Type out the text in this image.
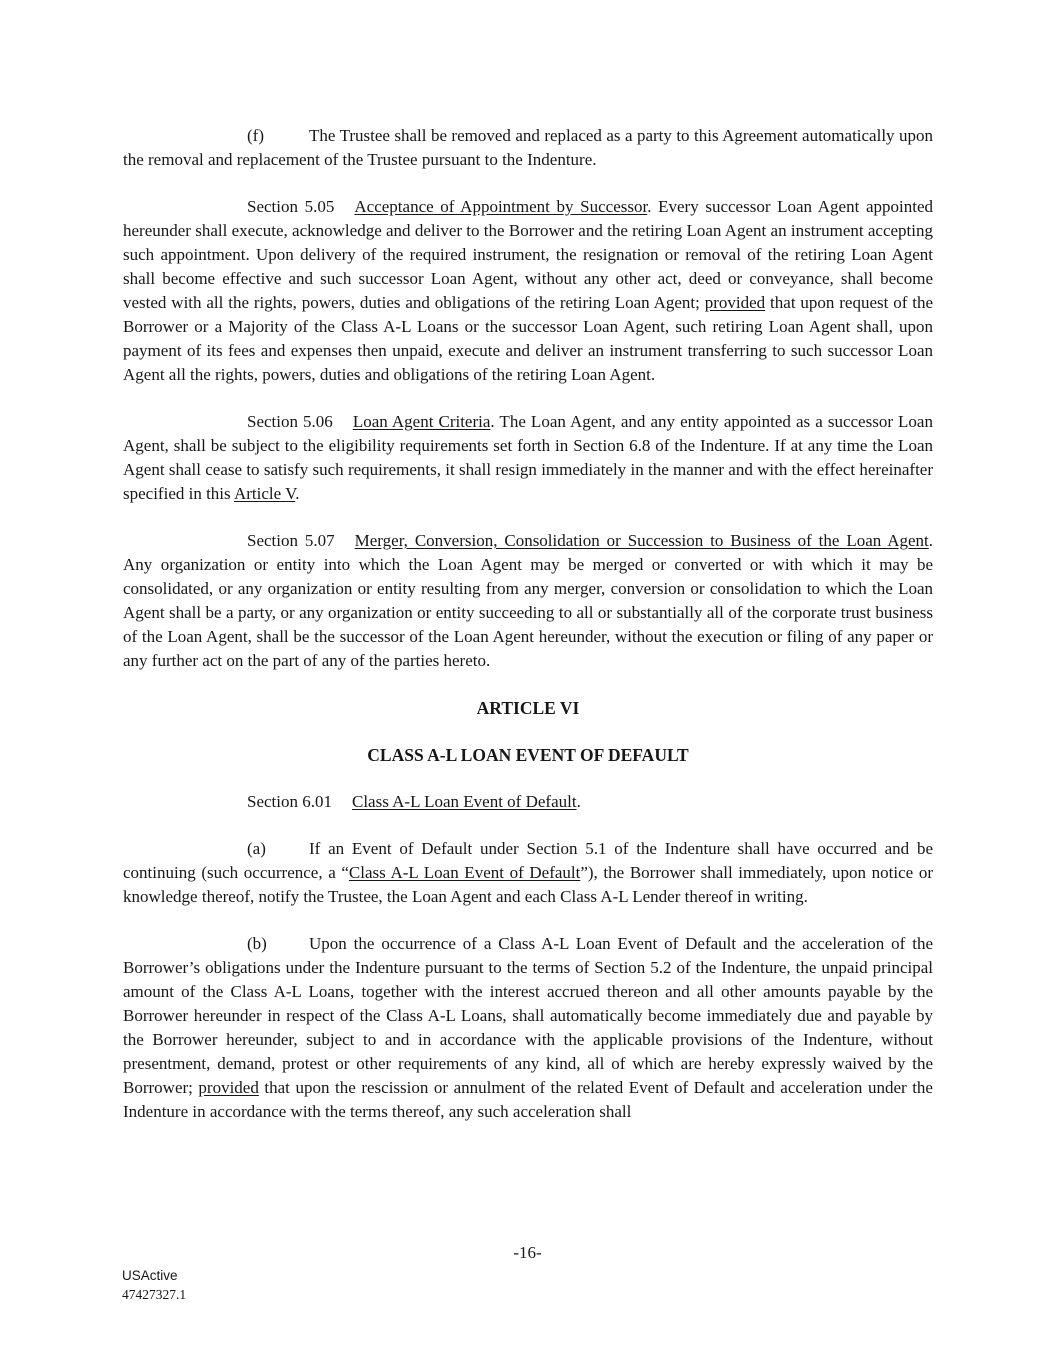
(f)	The Trustee shall be removed and replaced as a party to this Agreement automatically upon the removal and replacement of the Trustee pursuant to the Indenture.

Section 5.05 Acceptance of Appointment by Successor. Every successor Loan Agent appointed hereunder shall execute, acknowledge and deliver to the Borrower and the retiring Loan Agent an instrument accepting such appointment. Upon delivery of the required instrument, the resignation or removal of the retiring Loan Agent shall become effective and such successor Loan Agent, without any other act, deed or conveyance, shall become vested with all the rights, powers, duties and obligations of the retiring Loan Agent; provided that upon request of the Borrower or a Majority of the Class A-L Loans or the successor Loan Agent, such retiring Loan Agent shall, upon payment of its fees and expenses then unpaid, execute and deliver an instrument transferring to such successor Loan Agent all the rights, powers, duties and obligations of the retiring Loan Agent.

Section 5.06 Loan Agent Criteria. The Loan Agent, and any entity appointed as a successor Loan Agent, shall be subject to the eligibility requirements set forth in Section 6.8 of the Indenture. If at any time the Loan Agent shall cease to satisfy such requirements, it shall resign immediately in the manner and with the effect hereinafter specified in this Article V.

Section 5.07 Merger, Conversion, Consolidation or Succession to Business of the Loan Agent. Any organization or entity into which the Loan Agent may be merged or converted or with which it may be consolidated, or any organization or entity resulting from any merger, conversion or consolidation to which the Loan Agent shall be a party, or any organization or entity succeeding to all or substantially all of the corporate trust business of the Loan Agent, shall be the successor of the Loan Agent hereunder, without the execution or filing of any paper or any further act on the part of any of the parties hereto.

ARTICLE VI

CLASS A-L LOAN EVENT OF DEFAULT

Section 6.01 Class A-L Loan Event of Default.

(a)	If an Event of Default under Section 5.1 of the Indenture shall have occurred and be continuing (such occurrence, a “Class A-L Loan Event of Default”), the Borrower shall immediately, upon notice or knowledge thereof, notify the Trustee, the Loan Agent and each Class A-L Lender thereof in writing.

(b) Upon the occurrence of a Class A-L Loan Event of Default and the acceleration of the Borrower’s obligations under the Indenture pursuant to the terms of Section 5.2 of the Indenture, the unpaid principal amount of the Class A-L Loans, together with the interest accrued thereon and all other amounts payable by the Borrower hereunder in respect of the Class A-L Loans, shall automatically become immediately due and payable by the Borrower hereunder, subject to and in accordance with the applicable provisions of the Indenture, without presentment, demand, protest or other requirements of any kind, all of which are hereby expressly waived by the Borrower; provided that upon the rescission or annulment of the related Event of Default and acceleration under the Indenture in accordance with the terms thereof, any such acceleration shall

-16-
USActive
47427327.1
